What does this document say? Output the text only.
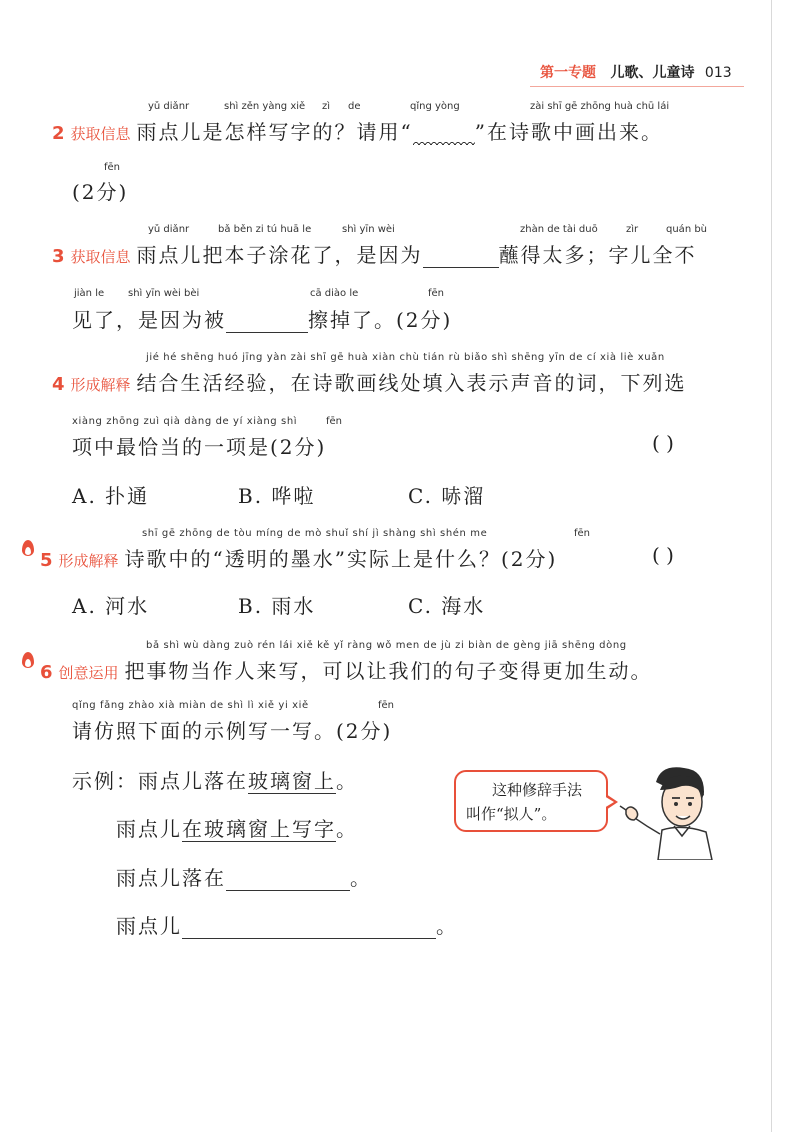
第一专题 儿歌、儿童诗 013
yǔ diǎnr	shì zěn yàng xiě zì de	qǐng yòng	zài shī gē zhōng huà chū lái
2 获取信息 雨点儿是怎样写字的？请用“	”在诗歌中画出来。
fēn
(2分)
yǔ diǎnr	bǎ běn zi tú huā le	shì yīn wèi	zhàn de tài duō	zìr	quán bù
3 获取信息 雨点儿把本子涂花了，是因为	蘸得太多；字儿全不
jiàn le shì yīn wèi bèi	cā diào le	fēn
见了，是因为被	擦掉了。(2分)
jié hé shēng huó jīng yàn zài shī gē huà xiàn chù tián rù biǎo shì shēng yīn de cí xià liè xuǎn
4 形成解释 结合生活经验，在诗歌画线处填入表示声音的词，下列选
xiàng zhōng zuì qià dàng de yí xiàng shì	fēn
项中最恰当的一项是(2分)	( )
A. 扑通	B. 哗啦	C. 哧溜
shī gē zhōng de tòu míng de mò shuǐ shí jì shàng shì shén me	fēn
5 形成解释 诗歌中的“透明的墨水”实际上是什么？(2分)	( )
A. 河水	B. 雨水	C. 海水
bǎ shì wù dàng zuò rén lái xiě kě yǐ ràng wǒ men de jù zi biàn de gèng jiā shēng dòng
6 创意运用 把事物当作人来写，可以让我们的句子变得更加生动。
qǐng fǎng zhào xià miàn de shì lì xiě yi xiě	fēn
请仿照下面的示例写一写。(2分)
示例：雨点儿落在玻璃窗上。
雨点儿在玻璃窗上写字。
雨点儿落在	。
雨点儿	。
这种修辞手法
叫作“拟人”。
